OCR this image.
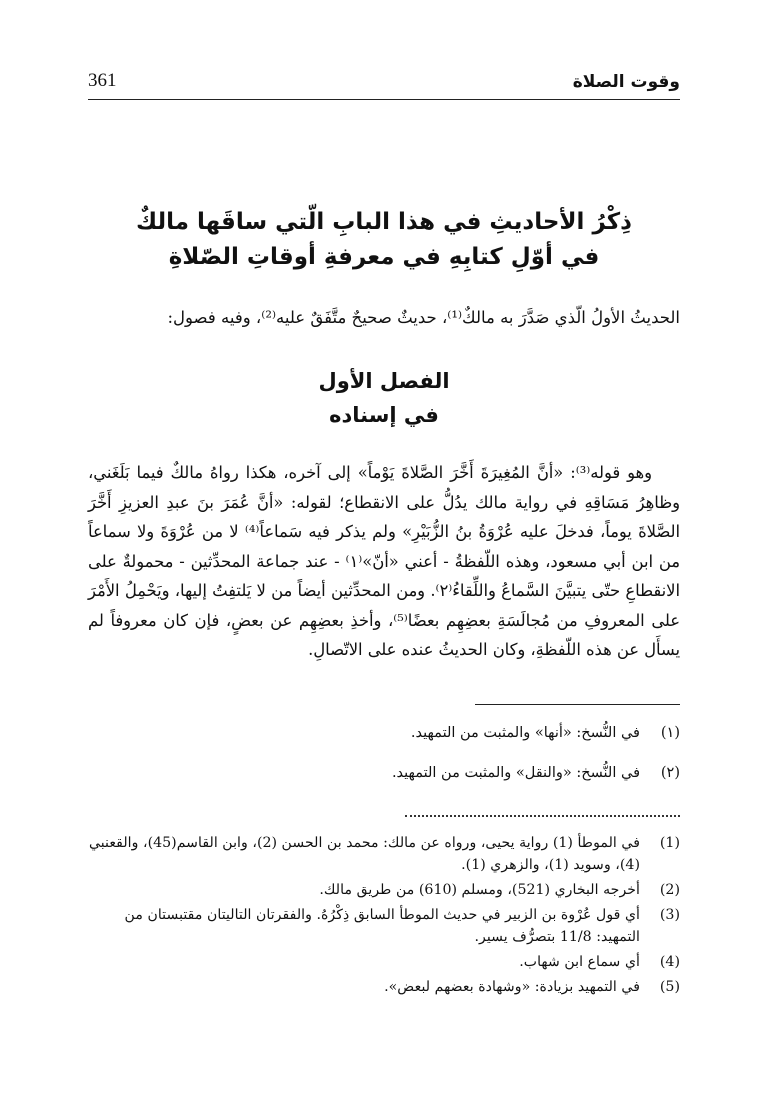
361	وقوت الصلاة
ذِكْرُ الأحاديثِ في هذا البابِ الّتي ساقَها مالكٌ
في أوّلِ كتابِهِ في معرفةِ أوقاتِ الصّلاةِ
الحديثُ الأولُ الّذي صَدَّرَ به مالكٌ⁽¹⁾، حديثٌ صحيحٌ متَّفَقٌ عليه⁽²⁾، وفيه فصول:
الفصل الأول
في إسناده

وهو قوله⁽³⁾: «أنَّ المُغِيرَةَ أَخَّرَ الصَّلاةَ يَوْماً» إلى آخره، هكذا رواهُ مالكٌ فيما بَلَغَني، وظاهِرُ مَسَاقِهِ في رواية مالك يدُلُّ على الانقطاع؛ لقوله: «أنَّ عُمَرَ بنَ عبدِ العزيزِ أَخَّرَ الصَّلاةَ يوماً، فدخلَ عليه عُرْوَةُ بنُ الزُّبَيْرِ» ولم يذكر فيه سَماعاً⁽⁴⁾ لا من عُرْوَةَ ولا سماعاً من ابن أبي مسعود، وهذه اللّفظةُ - أعني «أنّ»⁽١⁾ - عند جماعة المحدِّثين - محمولةٌ على الانقطاعِ حتّى يتبيَّنَ السَّماعُ واللِّقاءُ⁽٢⁾. ومن المحدِّثين أيضاً من لا يَلتفِتُ إليها، ويَحْمِلُ الأَمْرَ على المعروفِ من مُجالَسَةِ بعضِهِم بعضًا⁽⁵⁾، وأخذِ بعضِهِم عن بعضٍ، فإن كان معروفاً لم يسأَل عن هذه اللّفظةِ، وكان الحديثُ عنده على الاتّصالِ.

(١)
في النُّسخ: «أنها» والمثبت من التمهيد.
(٢)
في النُّسخ: «والنقل» والمثبت من التمهيد.
(1)
في الموطأ (1) رواية يحيى، ورواه عن مالك: محمد بن الحسن (2)، وابن القاسم(45)، والقعنبي (4)، وسويد (1)، والزهري (1).
(2)
أخرجه البخاري (521)، ومسلم (610) من طريق مالك.
(3)
أي قول عُرْوة بن الزبير في حديث الموطأ السابق ذِكْرُهُ. والفقرتان التاليتان مقتبستان من التمهيد: 11/8 بتصرُّف يسير.
(4)
أي سماع ابن شهاب.
(5)
في التمهيد بزيادة: «وشهادة بعضهم لبعض».
